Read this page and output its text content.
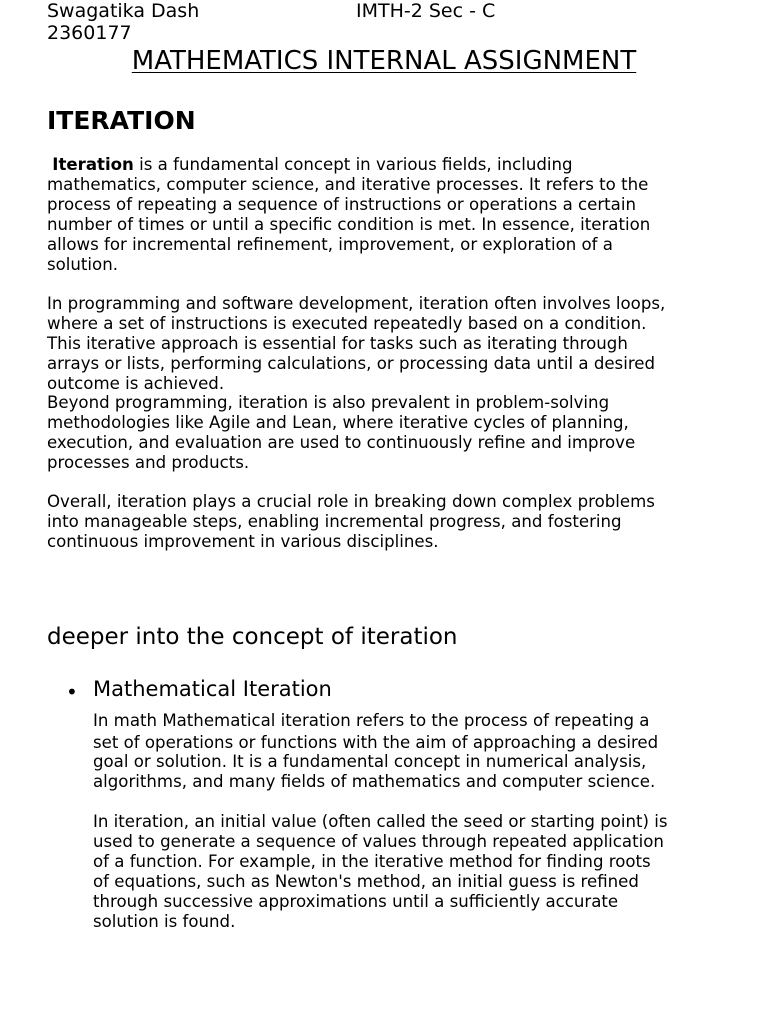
Swagatika Dash	IMTH-2 Sec - C
2360177
MATHEMATICS INTERNAL ASSIGNMENT
ITERATION
Iteration is a fundamental concept in various fields, including
mathematics, computer science, and iterative processes. It refers to the
process of repeating a sequence of instructions or operations a certain
number of times or until a specific condition is met. In essence, iteration
allows for incremental refinement, improvement, or exploration of a
solution.
In programming and software development, iteration often involves loops,
where a set of instructions is executed repeatedly based on a condition.
This iterative approach is essential for tasks such as iterating through
arrays or lists, performing calculations, or processing data until a desired
outcome is achieved.
Beyond programming, iteration is also prevalent in problem-solving
methodologies like Agile and Lean, where iterative cycles of planning,
execution, and evaluation are used to continuously refine and improve
processes and products.
Overall, iteration plays a crucial role in breaking down complex problems
into manageable steps, enabling incremental progress, and fostering
continuous improvement in various disciplines.
deeper into the concept of iteration
• Mathematical Iteration
In math Mathematical iteration refers to the process of repeating a
set of operations or functions with the aim of approaching a desired
goal or solution. It is a fundamental concept in numerical analysis,
algorithms, and many fields of mathematics and computer science.
In iteration, an initial value (often called the seed or starting point) is
used to generate a sequence of values through repeated application
of a function. For example, in the iterative method for finding roots
of equations, such as Newton's method, an initial guess is refined
through successive approximations until a sufficiently accurate
solution is found.
